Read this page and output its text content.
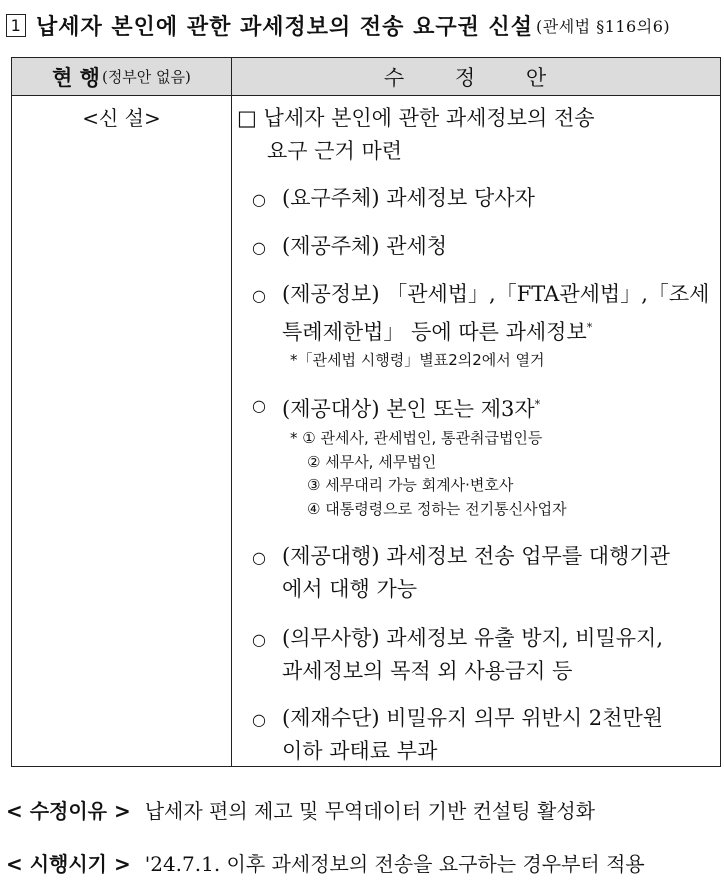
1 납세자 본인에 관한 과세정보의 전송 요구권 신설 (관세법 §116의6)
현 행 (정부안 없음)	수 정 안
<신 설>	□ 납세자 본인에 관한 과세정보의 전송
요구 근거 마련
○ (요구주체) 과세정보 당사자
○ (제공주체) 관세청
○ (제공정보) 「관세법」,「FTA관세법」,「조세
특례제한법」 등에 따른 과세정보*
*「관세법 시행령」별표2의2에서 열거
○ (제공대상) 본인 또는 제3자*
* ① 관세사, 관세법인, 통관취급법인등
② 세무사, 세무법인
③ 세무대리 가능 회계사·변호사
④ 대통령령으로 정하는 전기통신사업자
○ (제공대행) 과세정보 전송 업무를 대행기관
에서 대행 가능
○ (의무사항) 과세정보 유출 방지, 비밀유지,
과세정보의 목적 외 사용금지 등
○ (제재수단) 비밀유지 의무 위반시 2천만원
이하 과태료 부과
< 수정이유 > 납세자 편의 제고 및 무역데이터 기반 컨설팅 활성화
< 시행시기 > '24.7.1. 이후 과세정보의 전송을 요구하는 경우부터 적용
